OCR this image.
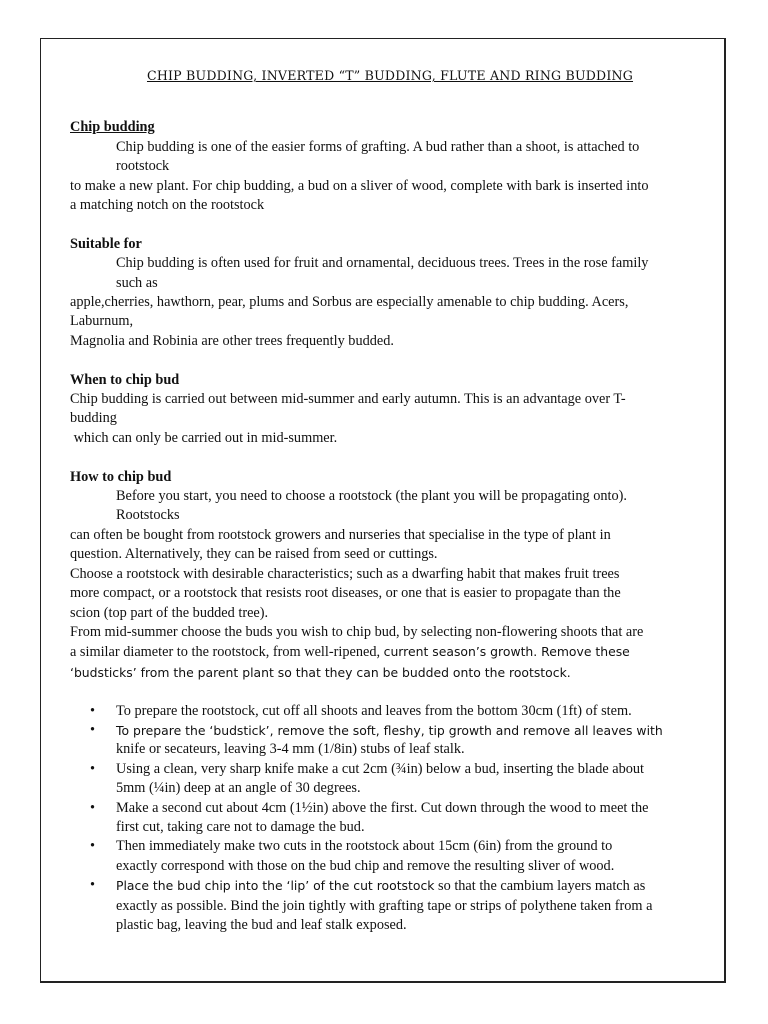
CHIP BUDDING, INVERTED “T” BUDDING, FLUTE AND RING BUDDING

Chip budding

Chip budding is one of the easier forms of grafting. A bud rather than a shoot, is attached to

rootstock

to make a new plant. For chip budding, a bud on a sliver of wood, complete with bark is inserted into

a matching notch on the rootstock

Suitable for

Chip budding is often used for fruit and ornamental, deciduous trees. Trees in the rose family

such as

apple,cherries, hawthorn, pear, plums and Sorbus are especially amenable to chip budding. Acers,

Laburnum,

Magnolia and Robinia are other trees frequently budded.

When to chip bud

Chip budding is carried out between mid-summer and early autumn. This is an advantage over T-

budding

which can only be carried out in mid-summer.

How to chip bud

Before you start, you need to choose a rootstock (the plant you will be propagating onto).

Rootstocks

can often be bought from rootstock growers and nurseries that specialise in the type of plant in

question. Alternatively, they can be raised from seed or cuttings.

Choose a rootstock with desirable characteristics; such as a dwarfing habit that makes fruit trees

more compact, or a rootstock that resists root diseases, or one that is easier to propagate than the

scion (top part of the budded tree).

From mid-summer choose the buds you wish to chip bud, by selecting non-flowering shoots that are

a similar diameter to the rootstock, from well-ripened, current season’s growth. Remove these

‘budsticks’ from the parent plant so that they can be budded onto the rootstock.

• To prepare the rootstock, cut off all shoots and leaves from the bottom 30cm (1ft) of stem.
• To prepare the ‘budstick’, remove the soft, fleshy, tip growth and remove all leaves with
knife or secateurs, leaving 3-4 mm (1/8in) stubs of leaf stalk.
• Using a clean, very sharp knife make a cut 2cm (¾in) below a bud, inserting the blade about
5mm (¼in) deep at an angle of 30 degrees.
• Make a second cut about 4cm (1½in) above the first. Cut down through the wood to meet the
first cut, taking care not to damage the bud.
• Then immediately make two cuts in the rootstock about 15cm (6in) from the ground to
exactly correspond with those on the bud chip and remove the resulting sliver of wood.
• Place the bud chip into the ‘lip’ of the cut rootstock so that the cambium layers match as
exactly as possible. Bind the join tightly with grafting tape or strips of polythene taken from a
plastic bag, leaving the bud and leaf stalk exposed.
